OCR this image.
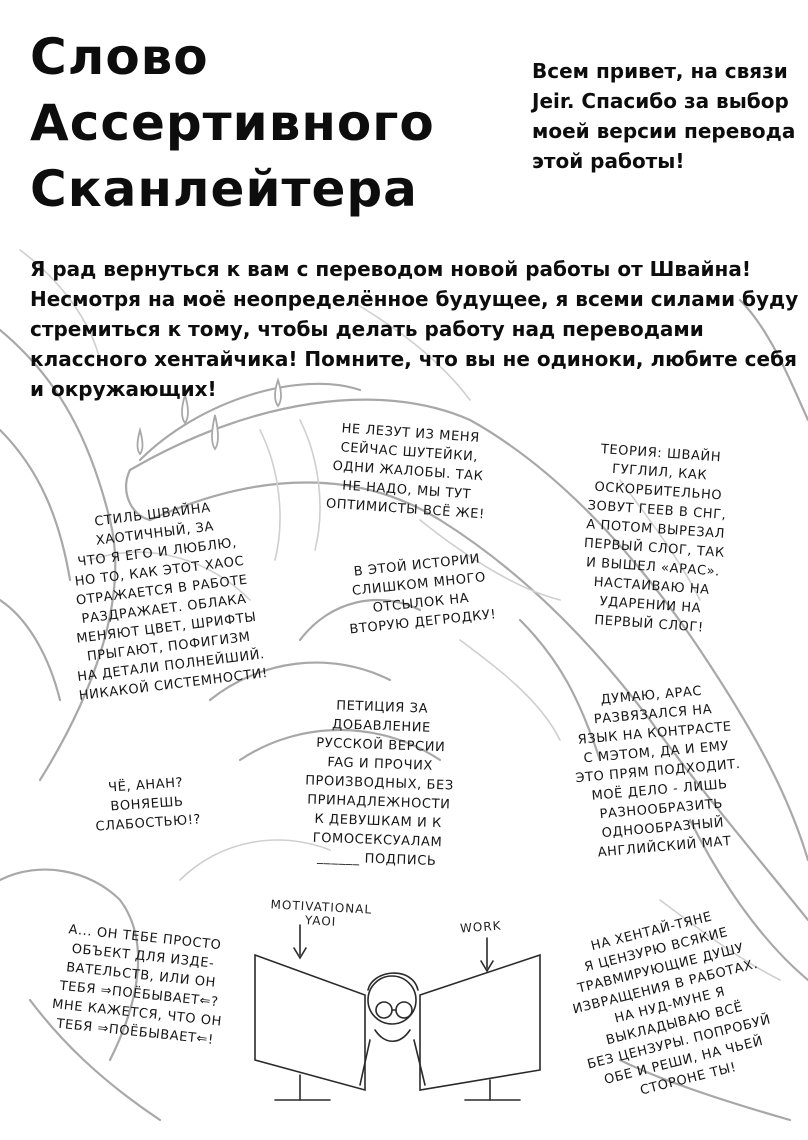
Слово
Ассертивного
Сканлейтера
Всем привет, на связи Jeir. Спасибо за выбор моей версии перевода этой работы!
Я рад вернуться к вам с переводом новой работы от Швайна! Несмотря на моё неопределённое будущее, я всеми силами буду стремиться к тому, чтобы делать работу над переводами классного хентайчика! Помните, что вы не одиноки, любите себя и окружающих!
НЕ ЛЕЗУТ ИЗ МЕНЯ
СЕЙЧАС ШУТЕЙКИ,
ОДНИ ЖАЛОБЫ. ТАК
НЕ НАДО, МЫ ТУТ
ОПТИМИСТЫ ВСЁ ЖЕ!
ТЕОРИЯ: ШВАЙН
ГУГЛИЛ, КАК
ОСКОРБИТЕЛЬНО
ЗОВУТ ГЕЕВ В СНГ,
А ПОТОМ ВЫРЕЗАЛ
ПЕРВЫЙ СЛОГ, ТАК
И ВЫШЕЛ «АРАС».
НАСТАИВАЮ НА
УДАРЕНИИ НА
ПЕРВЫЙ СЛОГ!
СТИЛЬ ШВАЙНА
ХАОТИЧНЫЙ, ЗА
ЧТО Я ЕГО И ЛЮБЛЮ,
НО ТО, КАК ЭТОТ ХАОС
ОТРАЖАЕТСЯ В РАБОТЕ
РАЗДРАЖАЕТ. ОБЛАКА
МЕНЯЮТ ЦВЕТ, ШРИФТЫ
ПРЫГАЮТ, ПОФИГИЗМ
НА ДЕТАЛИ ПОЛНЕЙШИЙ.
НИКАКОЙ СИСТЕМНОСТИ!
В ЭТОЙ ИСТОРИИ
СЛИШКОМ МНОГО
ОТСЫЛОК НА
ВТОРУЮ ДЕГРОДКУ!
ДУМАЮ, АРАС
РАЗВЯЗАЛСЯ НА
ЯЗЫК НА КОНТРАСТЕ
С МЭТОМ, ДА И ЕМУ
ЭТО ПРЯМ ПОДХОДИТ.
МОЁ ДЕЛО - ЛИШЬ
РАЗНООБРАЗИТЬ
ОДНООБРАЗНЫЙ
АНГЛИЙСКИЙ МАТ
ПЕТИЦИЯ ЗА
ДОБАВЛЕНИЕ
РУССКОЙ ВЕРСИИ
FAG И ПРОЧИХ
ПРОИЗВОДНЫХ, БЕЗ
ПРИНАДЛЕЖНОСТИ
К ДЕВУШКАМ И К
ГОМОСЕКСУАЛАМ
______ ПОДПИСЬ
ЧЁ, АНАН?
ВОНЯЕШЬ
СЛАБОСТЬЮ!?
А... ОН ТЕБЕ ПРОСТО
ОБЪЕКТ ДЛЯ ИЗДЕ-
ВАТЕЛЬСТВ, ИЛИ ОН
ТЕБЯ ⇒ПОЁБЫВАЕТ⇐?
МНЕ КАЖЕТСЯ, ЧТО ОН
ТЕБЯ ⇒ПОЁБЫВАЕТ⇐!
НА ХЕНТАЙ-ТЯНЕ
Я ЦЕНЗУРЮ ВСЯКИЕ
ТРАВМИРУЮЩИЕ ДУШУ
ИЗВРАЩЕНИЯ В РАБОТАХ.
НА НУД-МУНЕ Я
ВЫКЛАДЫВАЮ ВСЁ
БЕЗ ЦЕНЗУРЫ. ПОПРОБУЙ
ОБЕ И РЕШИ, НА ЧЬЕЙ
СТОРОНЕ ТЫ!
MOTIVATIONAL
YAOI	WORK
